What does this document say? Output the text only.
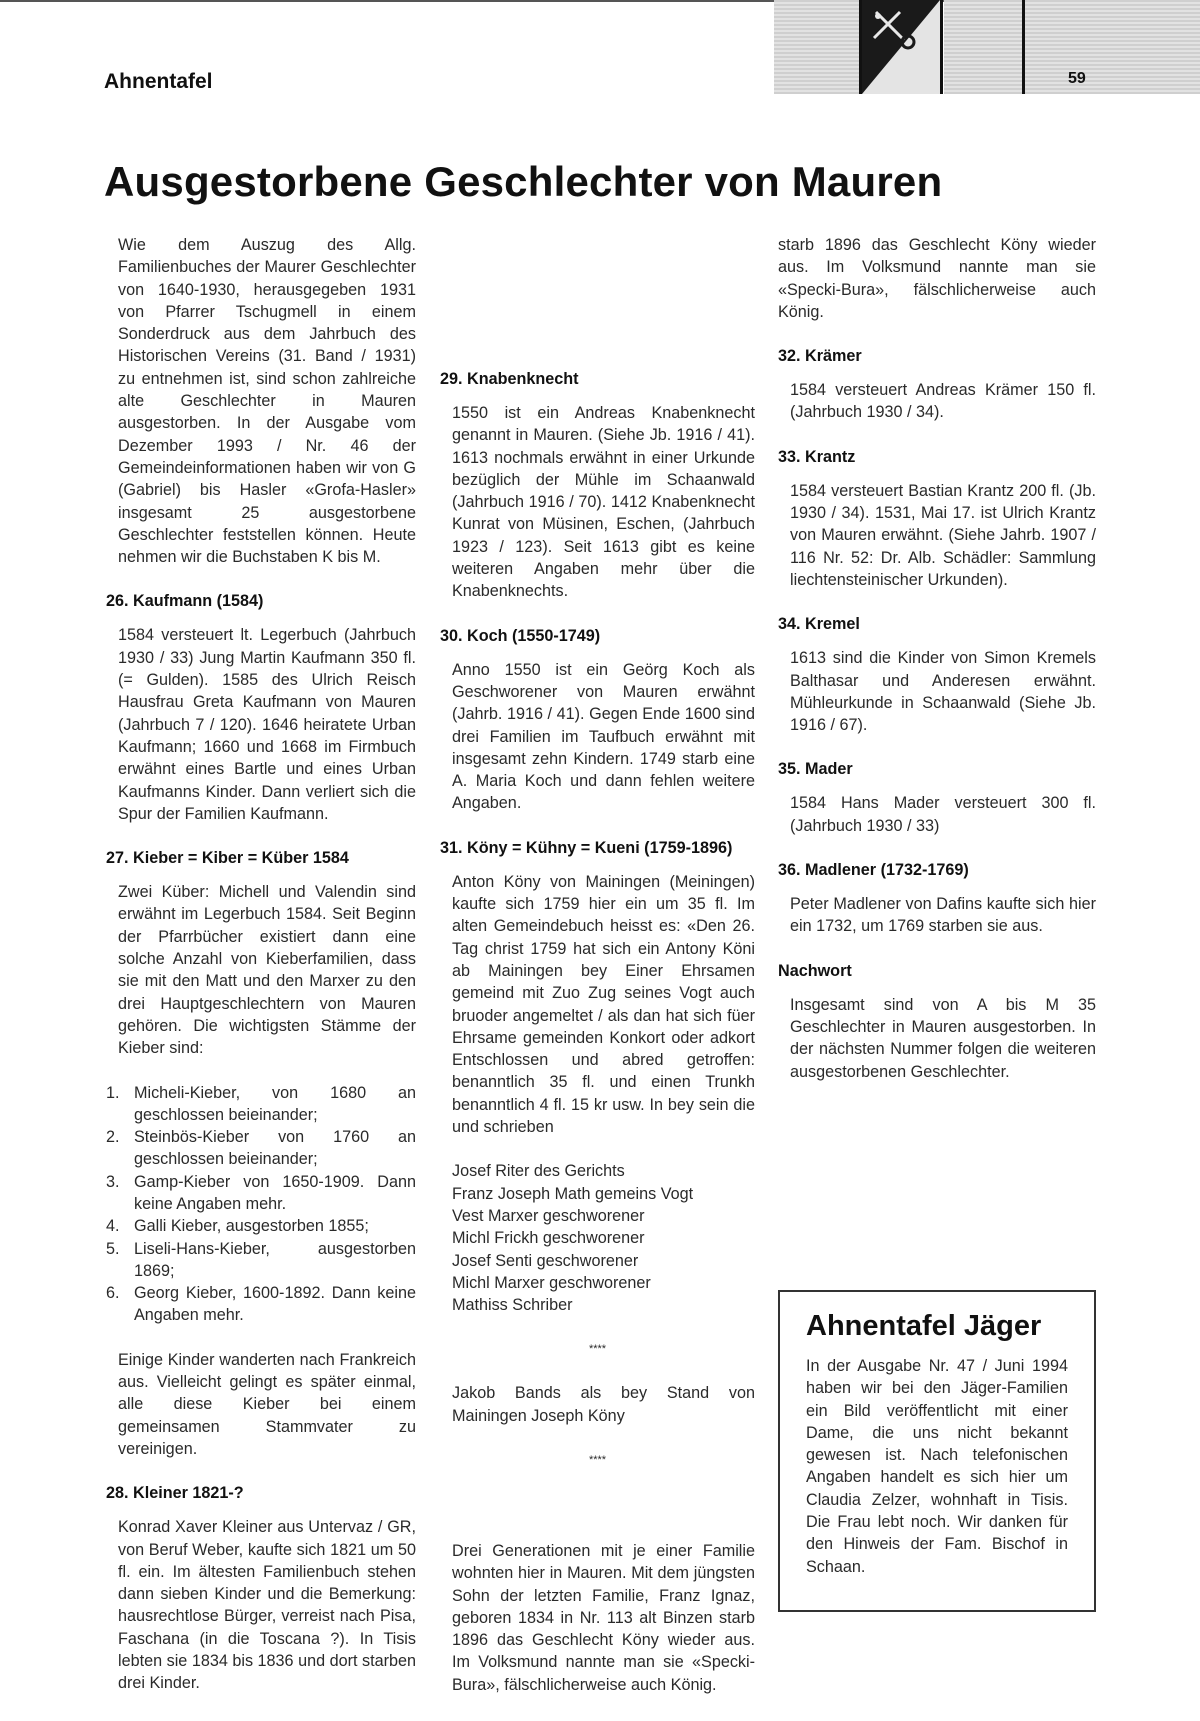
Ahnentafel	59
Ausgestorbene Geschlechter von Mauren

Wie dem Auszug des Allg. Familienbuches der Maurer Geschlechter von 1640-1930, herausgegeben 1931 von Pfarrer Tschugmell in einem Sonderdruck aus dem Jahrbuch des Historischen Vereins (31. Band / 1931) zu entnehmen ist, sind schon zahlreiche alte Geschlechter in Mauren ausgestorben. In der Ausgabe vom Dezember 1993 / Nr. 46 der Gemeindeinformationen haben wir von G (Gabriel) bis Hasler «Grofa-Hasler» insgesamt 25 ausgestorbene Geschlechter feststellen können. Heute nehmen wir die Buchstaben K bis M.

26. Kaufmann (1584)

1584 versteuert lt. Legerbuch (Jahrbuch 1930 / 33) Jung Martin Kaufmann 350 fl. (= Gulden). 1585 des Ulrich Reisch Hausfrau Greta Kaufmann von Mauren (Jahrbuch 7 / 120). 1646 heiratete Urban Kaufmann; 1660 und 1668 im Firmbuch erwähnt eines Bartle und eines Urban Kaufmanns Kinder. Dann verliert sich die Spur der Familien Kaufmann.

27. Kieber = Kiber = Küber 1584

Zwei Küber: Michell und Valendin sind erwähnt im Legerbuch 1584. Seit Beginn der Pfarrbücher existiert dann eine solche Anzahl von Kieberfamilien, dass sie mit den Matt und den Marxer zu den drei Hauptgeschlechtern von Mauren gehören. Die wichtigsten Stämme der Kieber sind:

1. Micheli-Kieber, von 1680 an geschlossen beieinander;
2. Steinbös-Kieber von 1760 an geschlossen beieinander;
3. Gamp-Kieber von 1650-1909. Dann keine Angaben mehr.
4. Galli Kieber, ausgestorben 1855;
5. Liseli-Hans-Kieber, ausgestorben 1869;
6. Georg Kieber, 1600-1892. Dann keine Angaben mehr.

Einige Kinder wanderten nach Frankreich aus. Vielleicht gelingt es später einmal, alle diese Kieber bei einem gemeinsamen Stammvater zu vereinigen.

28. Kleiner 1821-?

Konrad Xaver Kleiner aus Untervaz / GR, von Beruf Weber, kaufte sich 1821 um 50 fl. ein. Im ältesten Familienbuch stehen dann sieben Kinder und die Bemerkung: hausrechtlose Bürger, verreist nach Pisa, Faschana (in die Toscana ?). In Tisis lebten sie 1834 bis 1836 und dort starben drei Kinder.

29. Knabenknecht

1550 ist ein Andreas Knabenknecht genannt in Mauren. (Siehe Jb. 1916 / 41). 1613 nochmals erwähnt in einer Urkunde bezüglich der Mühle im Schaanwald (Jahrbuch 1916 / 70). 1412 Knabenknecht Kunrat von Müsinen, Eschen, (Jahrbuch 1923 / 123). Seit 1613 gibt es keine weiteren Angaben mehr über die Knabenknechts.

30. Koch (1550-1749)

Anno 1550 ist ein Geörg Koch als Geschworener von Mauren erwähnt (Jahrb. 1916 / 41). Gegen Ende 1600 sind drei Familien im Taufbuch erwähnt mit insgesamt zehn Kindern. 1749 starb eine A. Maria Koch und dann fehlen weitere Angaben.

31. Köny = Kühny = Kueni (1759-1896)

Anton Köny von Mainingen (Meiningen) kaufte sich 1759 hier ein um 35 fl. Im alten Gemeindebuch heisst es: «Den 26. Tag christ 1759 hat sich ein Antony Köni ab Mainingen bey Einer Ehrsamen gemeind mit Zuo Zug seines Vogt auch bruoder angemeltet / als dan hat sich füer Ehrsame gemeinden Konkort oder adkort Entschlossen und abred getroffen: benanntlich 35 fl. und einen Trunkh benanntlich 4 fl. 15 kr usw. In bey sein die und schrieben

Josef Riter des Gerichts
Franz Joseph Math gemeins Vogt
Vest Marxer geschworener
Michl Frickh geschworener
Josef Senti geschworener
Michl Marxer geschworener
Mathiss Schriber
****

Jakob Bands als bey Stand von Mainingen Joseph Köny

****

Drei Generationen mit je einer Familie wohnten hier in Mauren. Mit dem jüngsten Sohn der letzten Familie, Franz Ignaz, geboren 1834 in Nr. 113 alt Binzen starb 1896 das Geschlecht Köny wieder aus. Im Volksmund nannte man sie «Specki-Bura», fälschlicherweise auch König.

starb 1896 das Geschlecht Köny wieder aus. Im Volksmund nannte man sie «Specki-Bura», fälschlicherweise auch König.

32. Krämer

1584 versteuert Andreas Krämer 150 fl. (Jahrbuch 1930 / 34).

33. Krantz

1584 versteuert Bastian Krantz 200 fl. (Jb. 1930 / 34). 1531, Mai 17. ist Ulrich Krantz von Mauren erwähnt. (Siehe Jahrb. 1907 / 116 Nr. 52: Dr. Alb. Schädler: Sammlung liechtensteinischer Urkunden).

34. Kremel

1613 sind die Kinder von Simon Kremels Balthasar und Anderesen erwähnt. Mühleurkunde in Schaanwald (Siehe Jb. 1916 / 67).

35. Mader

1584 Hans Mader versteuert 300 fl. (Jahrbuch 1930 / 33)

36. Madlener (1732-1769)

Peter Madlener von Dafins kaufte sich hier ein 1732, um 1769 starben sie aus.

Nachwort

Insgesamt sind von A bis M 35 Geschlechter in Mauren ausgestorben. In der nächsten Nummer folgen die weiteren ausgestorbenen Geschlechter.

Ahnentafel Jäger

In der Ausgabe Nr. 47 / Juni 1994 haben wir bei den Jäger-Familien ein Bild veröffentlicht mit einer Dame, die uns nicht bekannt gewesen ist. Nach telefonischen Angaben handelt es sich hier um Claudia Zelzer, wohnhaft in Tisis. Die Frau lebt noch. Wir danken für den Hinweis der Fam. Bischof in Schaan.
